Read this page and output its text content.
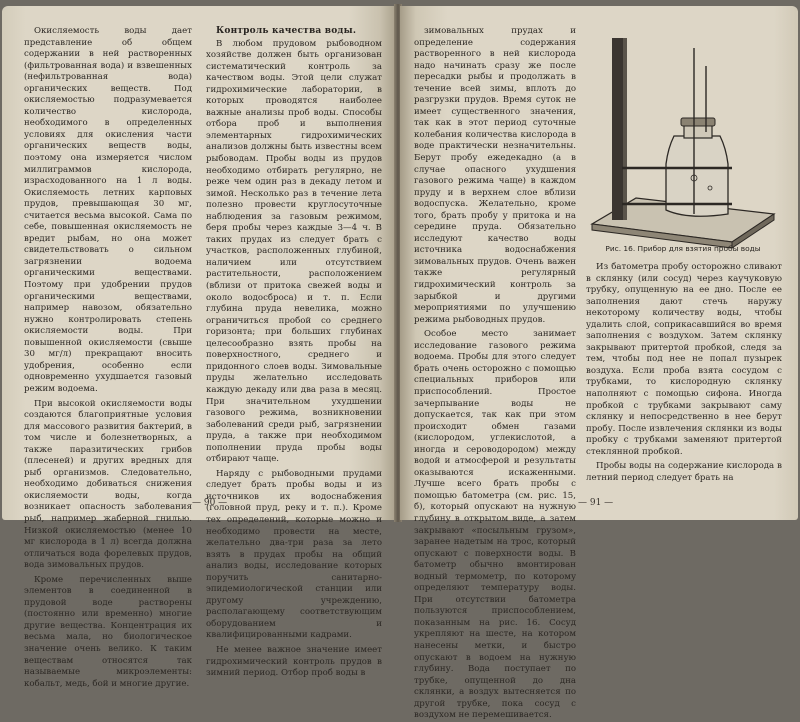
Окисляемость воды дает представление об общем содержании в ней растворенных (фильтрованная вода) и взвешенных (нефильтрованная вода) органических веществ. Под окисляемостью подразумевается количество кислорода, необходимого в определенных условиях для окисления части органических веществ воды, поэтому она измеряется числом миллиграммов кислорода, израсходованного на 1 л воды. Окисляемость летних карповых прудов, превышающая 30 мг, считается весьма высокой. Сама по себе, повышенная окисляемость не вредит рыбам, но она может свидетельствовать о сильном загрязнении водоема органическими веществами. Поэтому при удобрении прудов органическими веществами, например навозом, обязательно нужно контролировать степень окисляемости воды. При повышенной окисляемости (свыше 30 мг/л) прекращают вносить удобрения, особенно если одновременно ухудшается газовый режим водоема.

При высокой окисляемости воды создаются благоприятные условия для массового развития бактерий, в том числе и болезнетворных, а также паразитических грибов (плесеней) и других вредных для рыб организмов. Следовательно, необходимо добиваться снижения окисляемости воды, когда возникает опасность заболевания рыб, например жаберной гнилью. Низкой окисляемостью (менее 10 мг кислорода в 1 л) всегда должна отличаться вода форелевых прудов, вода зимовальных прудов.

Кроме перечисленных выше элементов в соединенной в прудовой воде растворены (постоянно или временно) многие другие вещества. Концентрация их весьма мала, но биологическое значение очень велико. К таким веществам относятся так называемые микроэлементы: кобальт, медь, бой и многие другие.

Контроль качества воды.

В любом прудовом рыбоводном хозяйстве должен быть организован систематический контроль за качеством воды. Этой цели служат гидрохимические лаборатории, в которых проводятся наиболее важные анализы проб воды. Способы отбора проб и выполнения элементарных гидрохимических анализов должны быть известны всем рыбоводам. Пробы воды из прудов необходимо отбирать регулярно, не реже чем один раз в декаду летом и зимой. Несколько раз в течение лета полезно провести круглосуточные наблюдения за газовым режимом, беря пробы через каждые 3—4 ч. В таких прудах из следует брать с участков, расположенных глубиной, наличием или отсутствием растительности, расположением (вблизи от притока свежей воды и около водосброса) и т. п. Если глубина пруда невелика, можно ограничиться пробой со среднего горизонта; при больших глубинах целесообразно взять пробы на поверхностного, среднего и придонного слоев воды. Зимовальные пруды желательно исследовать каждую декаду или два раза в месяц. При значительном ухудшении газового режима, возникновении заболеваний среди рыб, загрязнении пруда, а также при необходимом пополнении пруда пробы воды отбирают чаще.

Наряду с рыбоводными прудами следует брать пробы воды и из источников их водоснабжения (головной пруд, реку и т. п.). Кроме тех определений, которые можно и необходимо провести на месте, желательно два-три раза за лето взять в прудах пробы на общий анализ воды, исследование которых поручить санитарно-эпидемиологической станции или другому учреждению, располагающему соответствующим оборудованием и квалифицированными кадрами.

Не менее важное значение имеет гидрохимический контроль прудов в зимний период. Отбор проб воды в

— 90 —

зимовальных прудах и определение содержания растворенного в ней кислорода надо начинать сразу же после пересадки рыбы и продолжать в течение всей зимы, вплоть до разгрузки прудов. Время суток не имеет существенного значения, так как в этот период суточные колебания количества кислорода в воде практически незначительны. Берут пробу ежедекадно (а в случае опасного ухудшения газового режима чаще) в каждом пруду и в верхнем слое вблизи водоспуска. Желательно, кроме того, брать пробу у притока и на середине пруда. Обязательно исследуют качество воды источника водоснабжения зимовальных прудов. Очень важен также регулярный гидрохимический контроль за зарыбкой и другими мероприятиями по улучшению режима рыбоводных прудов.

Особое место занимает исследование газового режима водоема. Пробы для этого следует брать очень осторожно с помощью специальных приборов или приспособлений. Простое зачерпывание воды не допускается, так как при этом происходит обмен газами (кислородом, углекислотой, а иногда и сероводородом) между водой и атмосферой и результаты оказываются искаженными. Лучше всего брать пробы с помощью батометра (см. рис. 15, б), который опускают на нужную глубину в открытом виде, а затем закрывают «посыльным грузом», заранее надетым на трос, который опускают с поверхности воды. В батометр обычно вмонтирован водный термометр, по которому определяют температуру воды. При отсутствии батометра пользуются приспособлением, показанным на рис. 16. Сосуд укрепляют на шесте, на котором нанесены метки, и быстро опускают в водоем на нужную глубину. Вода поступает по трубке, опущенной до дна склянки, а воздух вытесняется по другой трубке, пока сосуд с воздухом не перемешивается.

Рис. 16. Прибор для взятия пробы воды

Из батометра пробу осторожно сливают в склянку (или сосуд) через каучуковую трубку, опущенную на ее дно. После ее заполнения дают стечь наружу некоторому количеству воды, чтобы удалить слой, соприкасавшийся во время заполнения с воздухом. Затем склянку закрывают притертой пробкой, следя за тем, чтобы под нее не попал пузырек воздуха. Если проба взята сосудом с трубками, то кислородную склянку наполняют с помощью сифона. Иногда пробкой с трубками закрывают саму склянку и непосредственно в нее берут пробу. После извлечения склянки из воды пробку с трубками заменяют притертой стеклянной пробкой.

Пробы воды на содержание кислорода в летний период следует брать на

— 91 —
